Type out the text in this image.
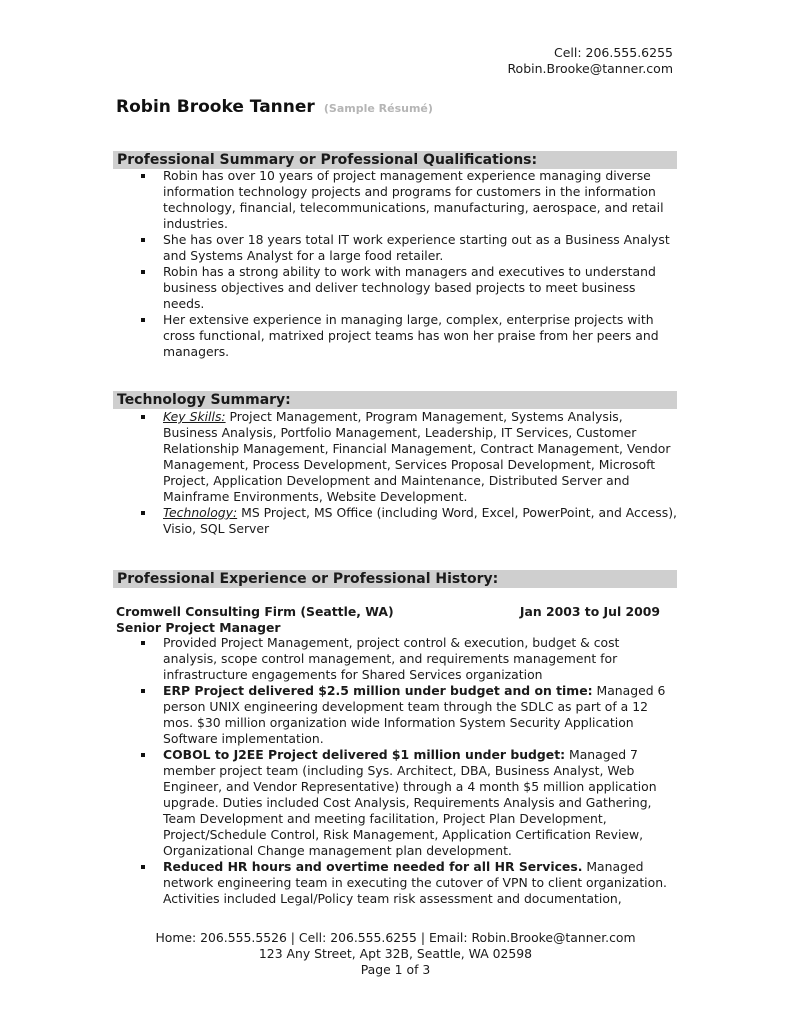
Cell: 206.555.6255
Robin.Brooke@tanner.com
Robin Brooke Tanner (Sample Résumé)
Professional Summary or Professional Qualifications:
Robin has over 10 years of project management experience managing diverse information technology projects and programs for customers in the information technology, financial, telecommunications, manufacturing, aerospace, and retail industries.
She has over 18 years total IT work experience starting out as a Business Analyst and Systems Analyst for a large food retailer.
Robin has a strong ability to work with managers and executives to understand business objectives and deliver technology based projects to meet business needs.
Her extensive experience in managing large, complex, enterprise projects with cross functional, matrixed project teams has won her praise from her peers and managers.
Technology Summary:
Key Skills: Project Management, Program Management, Systems Analysis, Business Analysis, Portfolio Management, Leadership, IT Services, Customer Relationship Management, Financial Management, Contract Management, Vendor Management, Process Development, Services Proposal Development, Microsoft Project, Application Development and Maintenance, Distributed Server and Mainframe Environments, Website Development.
Technology: MS Project, MS Office (including Word, Excel, PowerPoint, and Access), Visio, SQL Server
Professional Experience or Professional History:
Cromwell Consulting Firm (Seattle, WA)	Jan 2003 to Jul 2009
Senior Project Manager
Provided Project Management, project control & execution, budget & cost analysis, scope control management, and requirements management for infrastructure engagements for Shared Services organization
ERP Project delivered $2.5 million under budget and on time: Managed 6 person UNIX engineering development team through the SDLC as part of a 12 mos. $30 million organization wide Information System Security Application Software implementation.
COBOL to J2EE Project delivered $1 million under budget: Managed 7 member project team (including Sys. Architect, DBA, Business Analyst, Web Engineer, and Vendor Representative) through a 4 month $5 million application upgrade. Duties included Cost Analysis, Requirements Analysis and Gathering, Team Development and meeting facilitation, Project Plan Development, Project/Schedule Control, Risk Management, Application Certification Review, Organizational Change management plan development.
Reduced HR hours and overtime needed for all HR Services. Managed network engineering team in executing the cutover of VPN to client organization. Activities included Legal/Policy team risk assessment and documentation,
Home: 206.555.5526 | Cell: 206.555.6255 | Email: Robin.Brooke@tanner.com
123 Any Street, Apt 32B, Seattle, WA 02598
Page 1 of 3
